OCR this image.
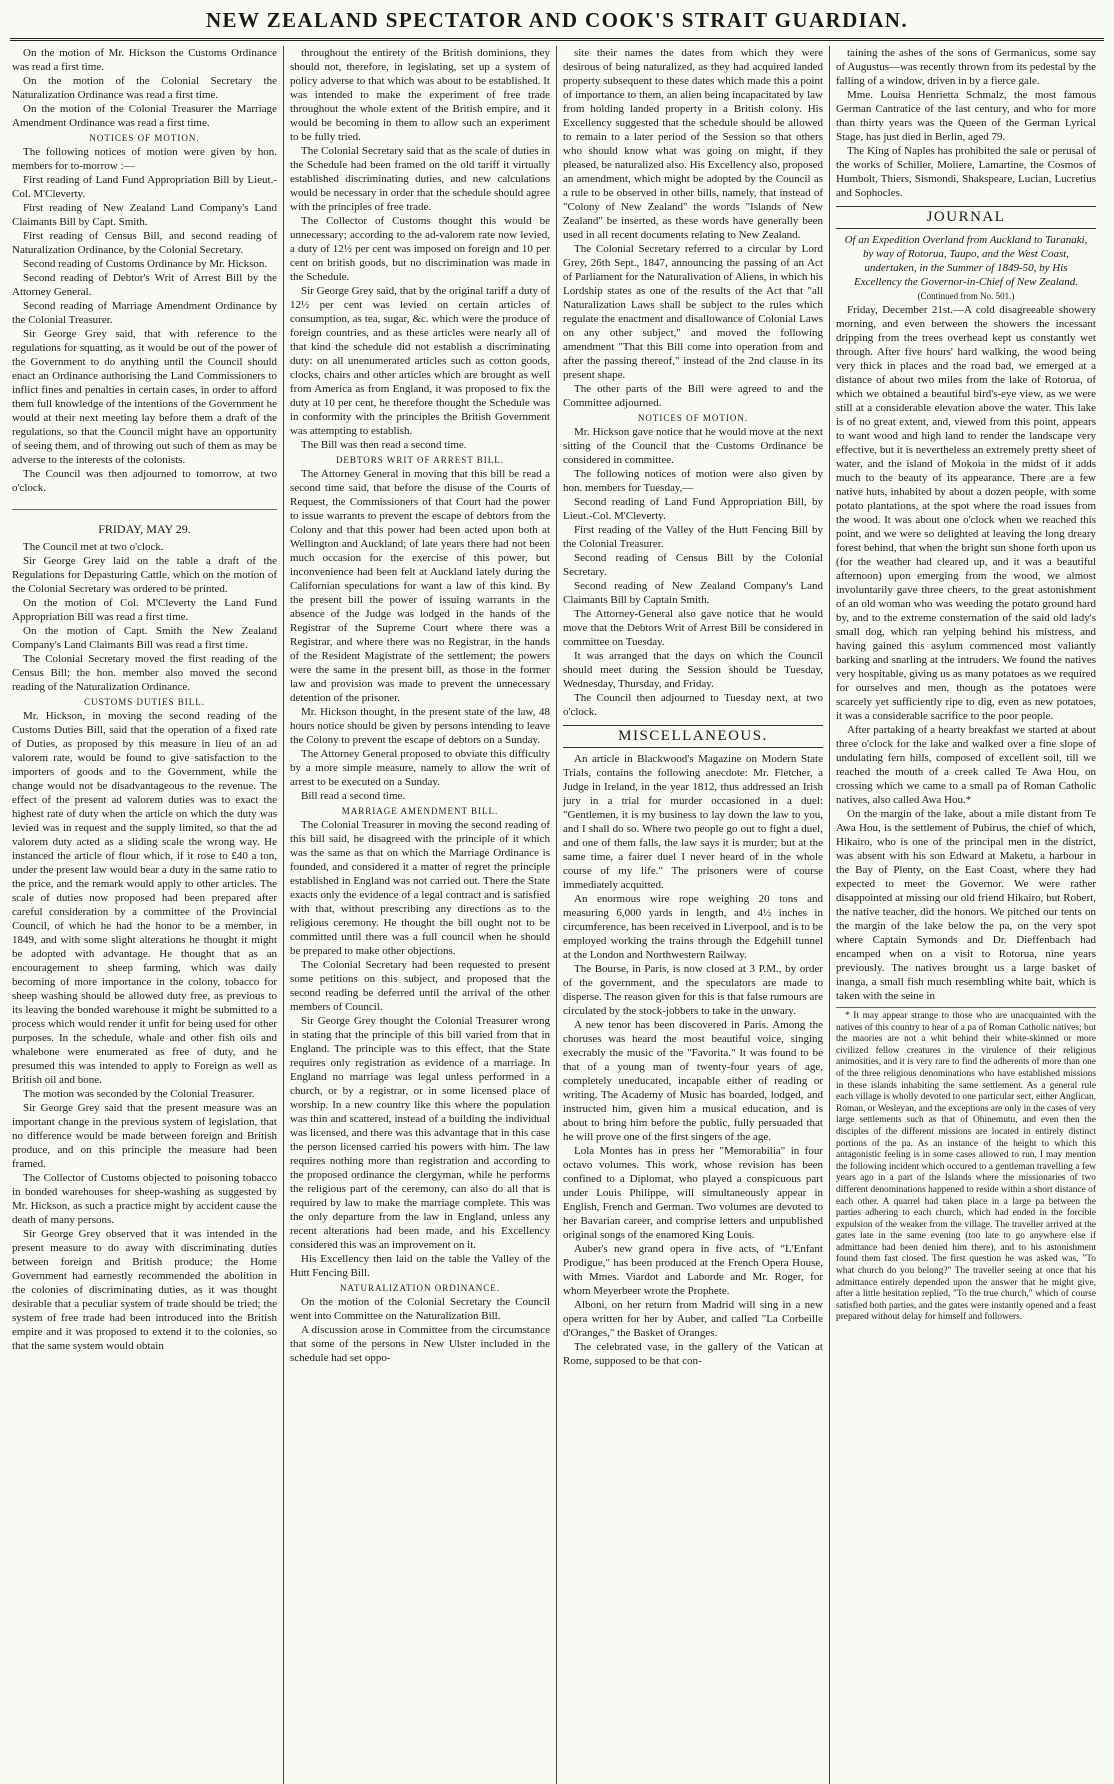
NEW ZEALAND SPECTATOR AND COOK'S STRAIT GUARDIAN.

On the motion of Mr. Hickson the Customs Ordinance was read a first time.

On the motion of the Colonial Secretary the Naturalization Ordinance was read a first time.

On the motion of the Colonial Treasurer the Marriage Amendment Ordinance was read a first time.

NOTICES OF MOTION.

The following notices of motion were given by hon. members for to-morrow :—

First reading of Land Fund Appropriation Bill by Lieut.-Col. M'Cleverty.

First reading of New Zealand Land Company's Land Claimants Bill by Capt. Smith.

First reading of Census Bill, and second reading of Naturalization Ordinance, by the Colonial Secretary.

Second reading of Customs Ordinance by Mr. Hickson.

Second reading of Debtor's Writ of Arrest Bill by the Attorney General.

Second reading of Marriage Amendment Ordinance by the Colonial Treasurer.

Sir George Grey said, that with reference to the regulations for squatting, as it would be out of the power of the Government to do anything until the Council should enact an Ordinance authorising the Land Commissioners to inflict fines and penalties in certain cases, in order to afford them full knowledge of the intentions of the Government he would at their next meeting lay before them a draft of the regulations, so that the Council might have an opportunity of seeing them, and of throwing out such of them as may be adverse to the interests of the colonists.

The Council was then adjourned to tomorrow, at two o'clock.

FRIDAY, MAY 29.

The Council met at two o'clock.

Sir George Grey laid on the table a draft of the Regulations for Depasturing Cattle, which on the motion of the Colonial Secretary was ordered to be printed.

On the motion of Col. M'Cleverty the Land Fund Appropriation Bill was read a first time.

On the motion of Capt. Smith the New Zealand Company's Land Claimants Bill was read a first time.

The Colonial Secretary moved the first reading of the Census Bill; the hon. member also moved the second reading of the Naturalization Ordinance.

CUSTOMS DUTIES BILL.

Mr. Hickson, in moving the second reading of the Customs Duties Bill, said that the operation of a fixed rate of Duties, as proposed by this measure in lieu of an ad valorem rate, would be found to give satisfaction to the importers of goods and to the Government, while the change would not be disadvantageous to the revenue. The effect of the present ad valorem duties was to exact the highest rate of duty when the article on which the duty was levied was in request and the supply limited, so that the ad valorem duty acted as a sliding scale the wrong way. He instanced the article of flour which, if it rose to £40 a ton, under the present law would bear a duty in the same ratio to the price, and the remark would apply to other articles. The scale of duties now proposed had been prepared after careful consideration by a committee of the Provincial Council, of which he had the honor to be a member, in 1849, and with some slight alterations he thought it might be adopted with advantage. He thought that as an encouragement to sheep farming, which was daily becoming of more importance in the colony, tobacco for sheep washing should be allowed duty free, as previous to its leaving the bonded warehouse it might be submitted to a process which would render it unfit for being used for other purposes. In the schedule, whale and other fish oils and whalebone were enumerated as free of duty, and he presumed this was intended to apply to Foreign as well as British oil and bone.

The motion was seconded by the Colonial Treasurer.

Sir George Grey said that the present measure was an important change in the previous system of legislation, that no difference would be made between foreign and British produce, and on this principle the measure had been framed.

The Collector of Customs objected to poisoning tobacco in bonded warehouses for sheep-washing as suggested by Mr. Hickson, as such a practice might by accident cause the death of many persons.

Sir George Grey observed that it was intended in the present measure to do away with discriminating duties between foreign and British produce; the Home Government had earnestly recommended the abolition in the colonies of discriminating duties, as it was thought desirable that a peculiar system of trade should be tried; the system of free trade had been introduced into the British empire and it was proposed to extend it to the colonies, so that the same system would obtain

throughout the entirety of the British dominions, they should not, therefore, in legislating, set up a system of policy adverse to that which was about to be established. It was intended to make the experiment of free trade throughout the whole extent of the British empire, and it would be becoming in them to allow such an experiment to be fully tried.

The Colonial Secretary said that as the scale of duties in the Schedule had been framed on the old tariff it virtually established discriminating duties, and new calculations would be necessary in order that the schedule should agree with the principles of free trade.

The Collector of Customs thought this would be unnecessary; according to the ad-valorem rate now levied, a duty of 12½ per cent was imposed on foreign and 10 per cent on british goods, but no discrimination was made in the Schedule.

Sir George Grey said, that by the original tariff a duty of 12½ per cent was levied on certain articles of consumption, as tea, sugar, &c. which were the produce of foreign countries, and as these articles were nearly all of that kind the schedule did not establish a discriminating duty: on all unenumerated articles such as cotton goods, clocks, chairs and other articles which are brought as well from America as from England, it was proposed to fix the duty at 10 per cent, he therefore thought the Schedule was in conformity with the principles the British Government was attempting to establish.

The Bill was then read a second time.

DEBTORS WRIT OF ARREST BILL.

The Attorney General in moving that this bill be read a second time said, that before the disuse of the Courts of Request, the Commissioners of that Court had the power to issue warrants to prevent the escape of debtors from the Colony and that this power had been acted upon both at Wellington and Auckland; of late years there had not been much occasion for the exercise of this power, but inconvenience had been felt at Auckland lately during the Californian speculations for want a law of this kind. By the present bill the power of issuing warrants in the absence of the Judge was lodged in the hands of the Registrar of the Supreme Court where there was a Registrar, and where there was no Registrar, in the hands of the Resident Magistrate of the settlement; the powers were the same in the present bill, as those in the former law and provision was made to prevent the unnecessary detention of the prisoner.

Mr. Hickson thought, in the present state of the law, 48 hours notice should be given by persons intending to leave the Colony to prevent the escape of debtors on a Sunday.

The Attorney General proposed to obviate this difficulty by a more simple measure, namely to allow the writ of arrest to be executed on a Sunday.

Bill read a second time.

MARRIAGE AMENDMENT BILL.

The Colonial Treasurer in moving the second reading of this bill said, he disagreed with the principle of it which was the same as that on which the Marriage Ordinance is founded, and considered it a matter of regret the principle established in England was not carried out. There the State exacts only the evidence of a legal contract and is satisfied with that, without prescribing any directions as to the religious ceremony. He thought the bill ought not to be committed until there was a full council when he should be prepared to make other objections.

The Colonial Secretary had been requested to present some petitions on this subject, and proposed that the second reading be deferred until the arrival of the other members of Council.

Sir George Grey thought the Colonial Treasurer wrong in stating that the principle of this bill varied from that in England. The principle was to this effect, that the State requires only registration as evidence of a marriage. In England no marriage was legal unless performed in a church, or by a registrar, or in some licensed place of worship. In a new country like this where the population was thin and scattered, instead of a building the individual was licensed, and there was this advantage that in this case the person licensed carried his powers with him. The law requires nothing more than registration and according to the proposed ordinance the clergyman, while he performs the religious part of the ceremony, can also do all that is required by law to make the marriage complete. This was the only departure from the law in England, unless any recent alterations had been made, and his Excellency considered this was an improvement on it.

His Excellency then laid on the table the Valley of the Hutt Fencing Bill.

NATURALIZATION ORDINANCE.

On the motion of the Colonial Secretary the Council went into Committee on the Naturalization Bill.

A discussion arose in Committee from the circumstance that some of the persons in New Ulster included in the schedule had set oppo-

site their names the dates from which they were desirous of being naturalized, as they had acquired landed property subsequent to these dates which made this a point of importance to them, an alien being incapacitated by law from holding landed property in a British colony. His Excellency suggested that the schedule should be allowed to remain to a later period of the Session so that others who should know what was going on might, if they pleased, be naturalized also. His Excellency also, proposed an amendment, which might be adopted by the Council as a rule to be observed in other bills, namely, that instead of "Colony of New Zealand" the words "Islands of New Zealand" be inserted, as these words have generally been used in all recent documents relating to New Zealand.

The Colonial Secretary referred to a circular by Lord Grey, 26th Sept., 1847, announcing the passing of an Act of Parliament for the Naturalivation of Aliens, in which his Lordship states as one of the results of the Act that "all Naturalization Laws shall be subject to the rules which regulate the enactment and disallowance of Colonial Laws on any other subject," and moved the following amendment "That this Bill come into operation from and after the passing thereof," instead of the 2nd clause in its present shape.

The other parts of the Bill were agreed to and the Committee adjourned.

NOTICES OF MOTION.

Mr. Hickson gave notice that he would move at the next sitting of the Council that the Customs Ordinance be considered in committee.

The following notices of motion were also given by hon. members for Tuesday,—

Second reading of Land Fund Appropriation Bill, by Lieut.-Col. M'Cleverty.

First reading of the Valley of the Hutt Fencing Bill by the Colonial Treasurer.

Second reading of Census Bill by the Colonial Secretary.

Second reading of New Zealand Company's Land Claimants Bill by Captain Smith.

The Attorney-General also gave notice that he would move that the Debtors Writ of Arrest Bill be considered in committee on Tuesday.

It was arranged that the days on which the Council should meet during the Session should be Tuesday, Wednesday, Thursday, and Friday.

The Council then adjourned to Tuesday next, at two o'clock.

MISCELLANEOUS.

An article in Blackwood's Magazine on Modern State Trials, contains the following anecdote: Mr. Fletcher, a Judge in Ireland, in the year 1812, thus addressed an Irish jury in a trial for murder occasioned in a duel: "Gentlemen, it is my business to lay down the law to you, and I shall do so. Where two people go out to fight a duel, and one of them falls, the law says it is murder; but at the same time, a fairer duel I never heard of in the whole course of my life." The prisoners were of course immediately acquitted.

An enormous wire rope weighing 20 tons and measuring 6,000 yards in length, and 4½ inches in circumference, has been received in Liverpool, and is to be employed working the trains through the Edgehill tunnel at the London and Northwestern Railway.

The Bourse, in Paris, is now closed at 3 P.M., by order of the government, and the speculators are made to disperse. The reason given for this is that false rumours are circulated by the stock-jobbers to take in the unwary.

A new tenor has been discovered in Paris. Among the choruses was heard the most beautiful voice, singing execrably the music of the "Favorita." It was found to be that of a young man of twenty-four years of age, completely uneducated, incapable either of reading or writing. The Academy of Music has boarded, lodged, and instructed him, given him a musical education, and is about to bring him before the public, fully persuaded that he will prove one of the first singers of the age.

Lola Montes has in press her "Memorabilia" in four octavo volumes. This work, whose revision has been confined to a Diplomat, who played a conspicuous part under Louis Philippe, will simultaneously appear in English, French and German. Two volumes are devoted to her Bavarian career, and comprise letters and unpublished original songs of the enamored King Louis.

Auber's new grand opera in five acts, of "L'Enfant Prodigue," has been produced at the French Opera House, with Mmes. Viardot and Laborde and Mr. Roger, for whom Meyerbeer wrote the Prophete.

Alboni, on her return from Madrid will sing in a new opera written for her by Auber, and called "La Corbeille d'Oranges," the Basket of Oranges.

The celebrated vase, in the gallery of the Vatican at Rome, supposed to be that con-

taining the ashes of the sons of Germanicus, some say of Augustus—was recently thrown from its pedestal by the falling of a window, driven in by a fierce gale.

Mme. Louisa Henrietta Schmalz, the most famous German Cantratice of the last century, and who for more than thirty years was the Queen of the German Lyrical Stage, has just died in Berlin, aged 79.

The King of Naples has prohibited the sale or perusal of the works of Schiller, Moliere, Lamartine, the Cosmos of Humbolt, Thiers, Sismondi, Shakspeare, Lucian, Lucretius and Sophocles.

JOURNAL
Of an Expedition Overland from Auckland to Taranaki, by way of Rotorua, Taupo, and the West Coast, undertaken, in the Summer of 1849-50, by His Excellency the Governor-in-Chief of New Zealand.
(Continued from No. 501.)

Friday, December 21st.—A cold disagreeable showery morning, and even between the showers the incessant dripping from the trees overhead kept us constantly wet through. After five hours' hard walking, the wood being very thick in places and the road bad, we emerged at a distance of about two miles from the lake of Rotorua, of which we obtained a beautiful bird's-eye view, as we were still at a considerable elevation above the water. This lake is of no great extent, and, viewed from this point, appears to want wood and high land to render the landscape very effective, but it is nevertheless an extremely pretty sheet of water, and the island of Mokoia in the midst of it adds much to the beauty of its appearance. There are a few native huts, inhabited by about a dozen people, with some potato plantations, at the spot where the road issues from the wood. It was about one o'clock when we reached this point, and we were so delighted at leaving the long dreary forest behind, that when the bright sun shone forth upon us (for the weather had cleared up, and it was a beautiful afternoon) upon emerging from the wood, we almost involuntarily gave three cheers, to the great astonishment of an old woman who was weeding the potato ground hard by, and to the extreme consternation of the said old lady's small dog, which ran yelping behind his mistress, and having gained this asylum commenced most valiantly barking and snarling at the intruders. We found the natives very hospitable, giving us as many potatoes as we required for ourselves and men, though as the potatoes were scarcely yet sufficiently ripe to dig, even as new potatoes, it was a considerable sacrifice to the poor people.

After partaking of a hearty breakfast we started at about three o'clock for the lake and walked over a fine slope of undulating fern hills, composed of excellent soil, till we reached the mouth of a creek called Te Awa Hou, on crossing which we came to a small pa of Roman Catholic natives, also called Awa Hou.*

On the margin of the lake, about a mile distant from Te Awa Hou, is the settlement of Pubirus, the chief of which, Hikairo, who is one of the principal men in the district, was absent with his son Edward at Maketu, a harbour in the Bay of Plenty, on the East Coast, where they had expected to meet the Governor. We were rather disappointed at missing our old friend Hikairo, but Robert, the native teacher, did the honors. We pitched our tents on the margin of the lake below the pa, on the very spot where Captain Symonds and Dr. Dieffenbach had encamped when on a visit to Rotorua, nine years previously. The natives brought us a large basket of inanga, a small fish much resembling white bait, which is taken with the seine in

* It may appear strange to those who are unacquainted with the natives of this country to hear of a pa of Roman Catholic natives; but the maories are not a whit behind their white-skinned or more civilized fellow creatures in the virulence of their religious animosities, and it is very rare to find the adherents of more than one of the three religious denominations who have established missions in these islands inhabiting the same settlement. As a general rule each village is wholly devoted to one particular sect, either Anglican, Roman, or Wesleyan, and the exceptions are only in the cases of very large settlements such as that of Ohinemutu, and even then the disciples of the different missions are located in entirely distinct portions of the pa. As an instance of the height to which this antagonistic feeling is in some cases allowed to run, I may mention the following incident which occured to a gentleman travelling a few years ago in a part of the Islands where the missionaries of two different denominations happened to reside within a short distance of each other. A quarrel had taken place in a large pa between the parties adhering to each church, which had ended in the forcible expulsion of the weaker from the village. The traveller arrived at the gates late in the same evening (too late to go anywhere else if admittance had been denied him there), and to his astonishment found them fast closed. The first question he was asked was, "To what church do you belong?" The traveller seeing at once that his admittance entirely depended upon the answer that he might give, after a little hesitation replied, "To the true church," which of course satisfied both parties, and the gates were instantly opened and a feast prepared without delay for himself and followers.
